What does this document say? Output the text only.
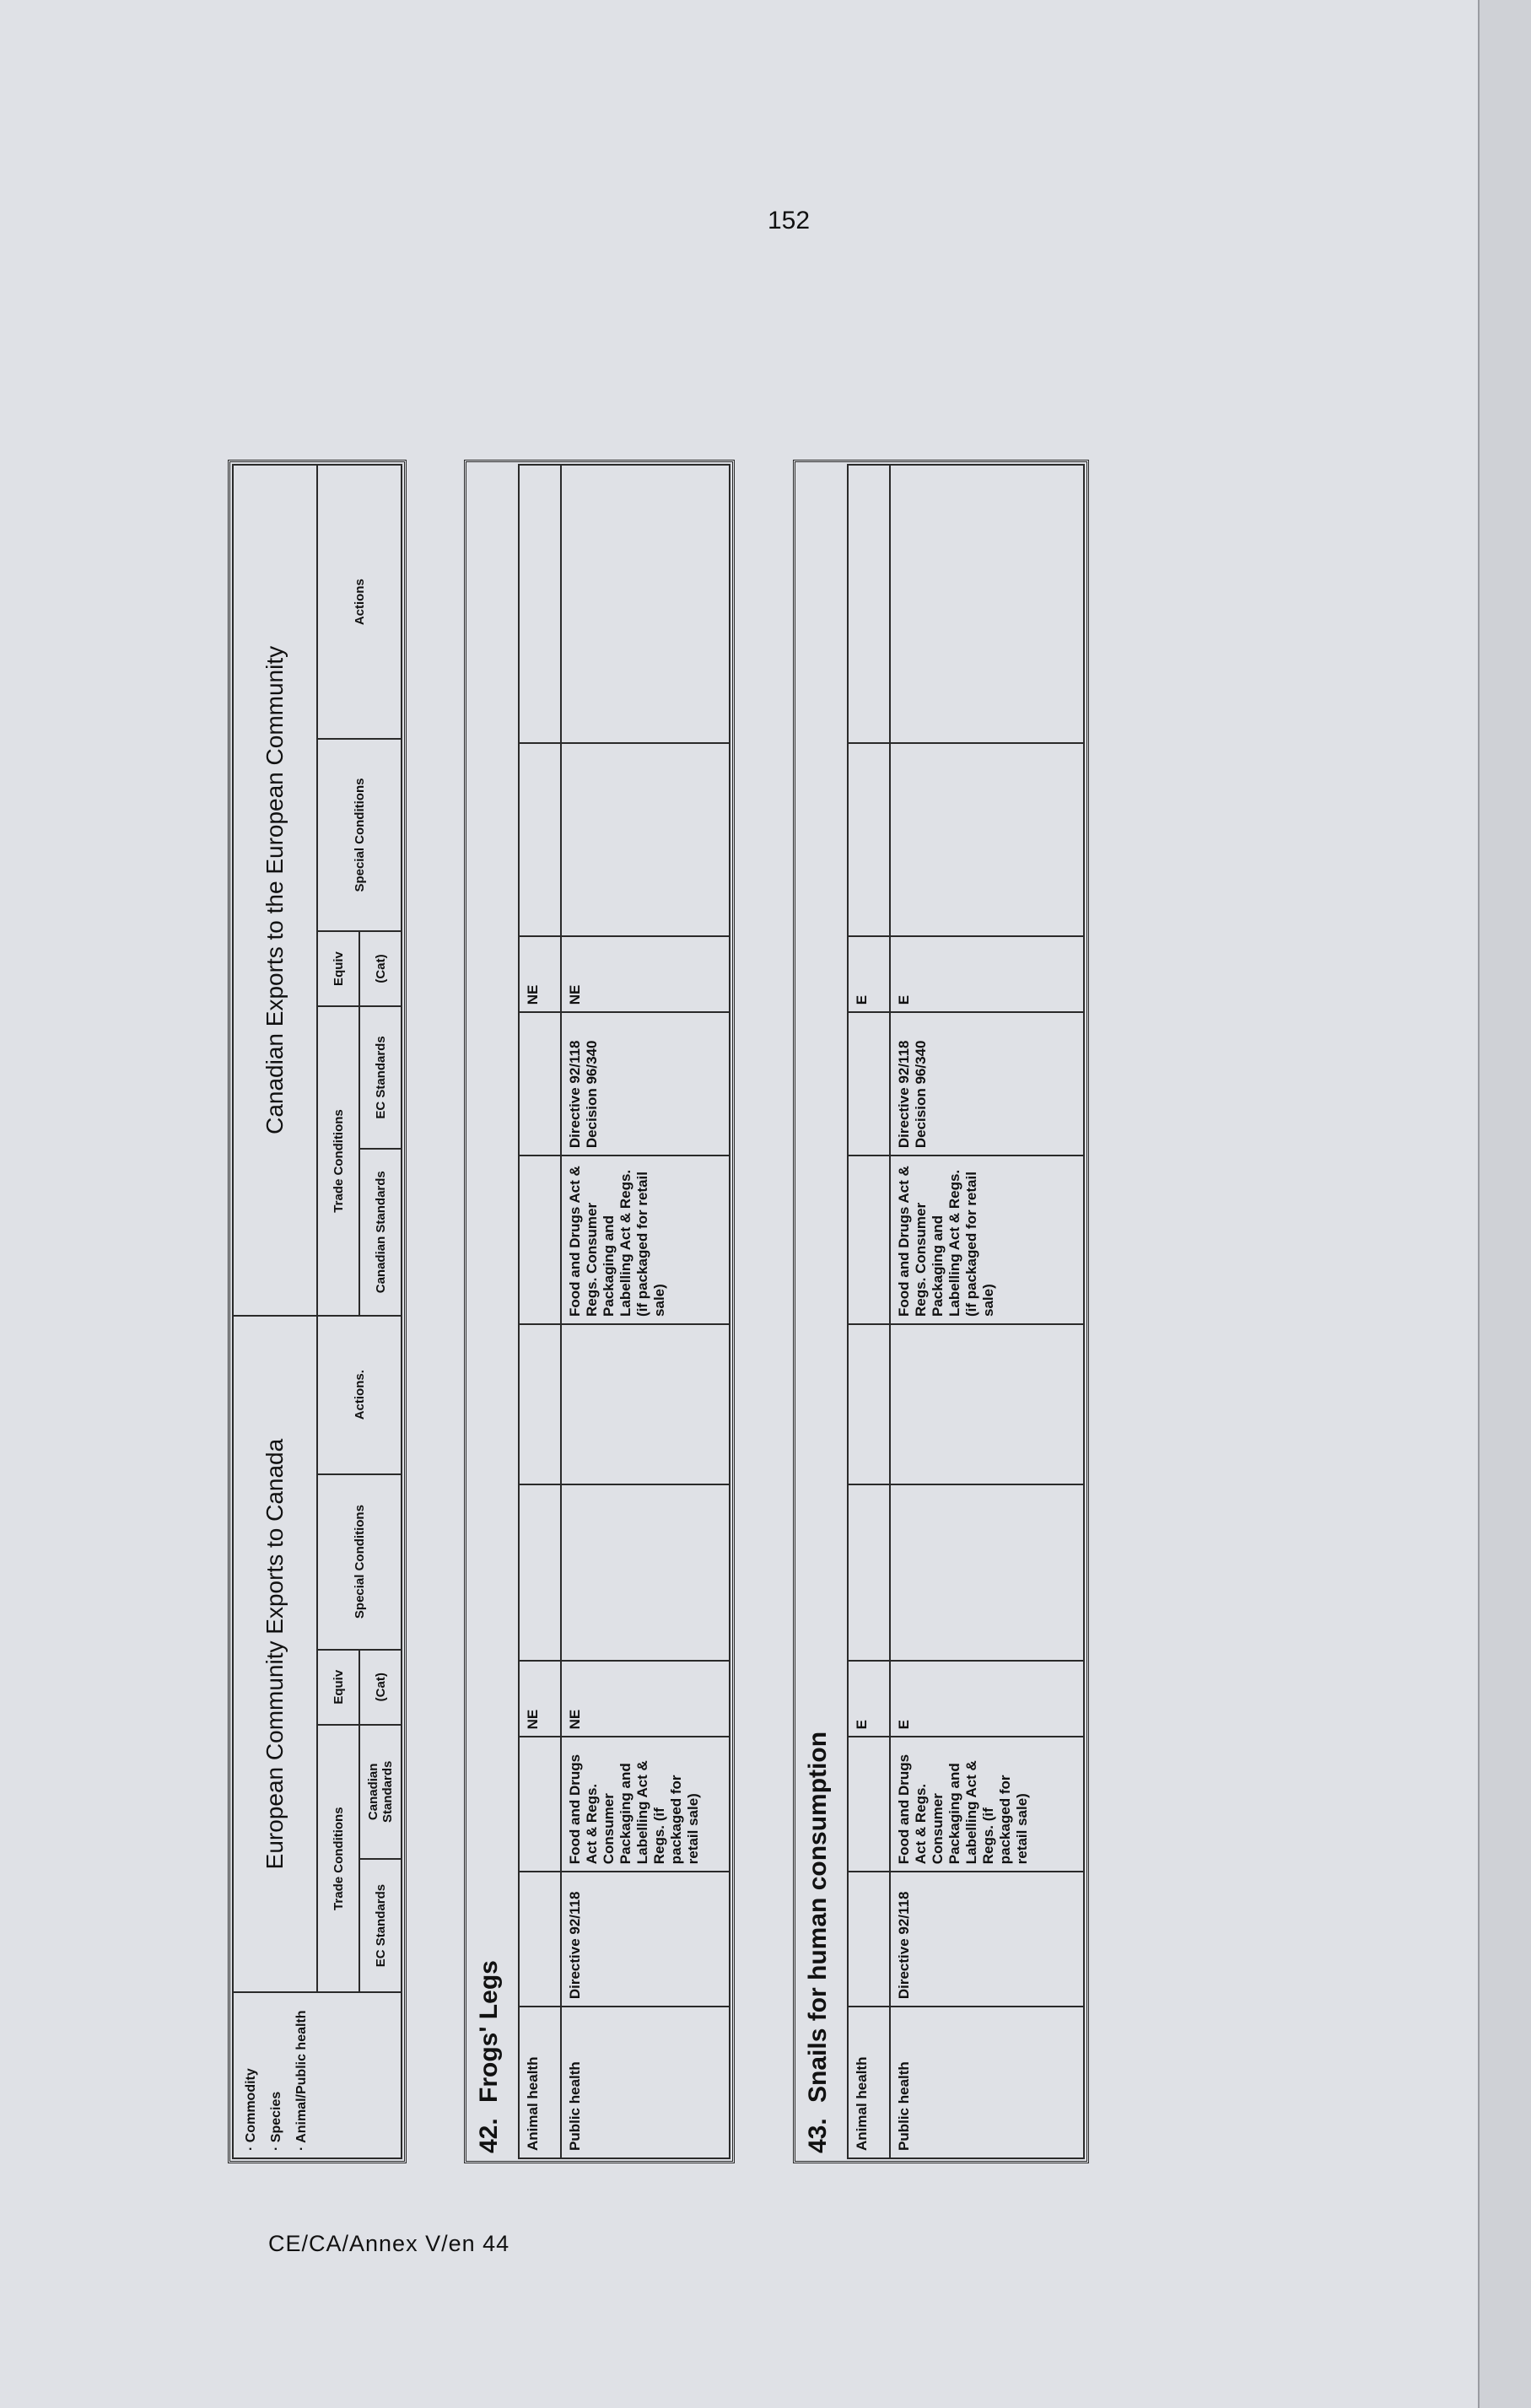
152
· Commodity
· Species
· Animal/Public health	European Community Exports to Canada					Canadian Exports to the European Community				
	Trade Conditions		Equiv	Special Conditions	Actions.	Trade Conditions		Equiv	Special Conditions	Actions
	EC Standards	Canadian Standards	(Cat)			Canadian Standards	EC Standards	(Cat)		
42.Frogs' Legs										
Animal health			NE					NE		
Public health	Directive 92/118	Food and Drugs Act & Regs. Consumer Packaging and Labelling Act & Regs. (if packaged for retail sale)	NE			Food and Drugs Act & Regs. Consumer Packaging and Labelling Act & Regs. (if packaged for retail sale)	Directive 92/118 Decision 96/340	NE		
43.Snails for human consumption										
Animal health			E					E		
Public health	Directive 92/118	Food and Drugs Act & Regs. Consumer Packaging and Labelling Act & Regs. (if packaged for retail sale)	E			Food and Drugs Act & Regs. Consumer Packaging and Labelling Act & Regs. (if packaged for retail sale)	Directive 92/118 Decision 96/340	E		
CE/CA/Annex V/en 44
